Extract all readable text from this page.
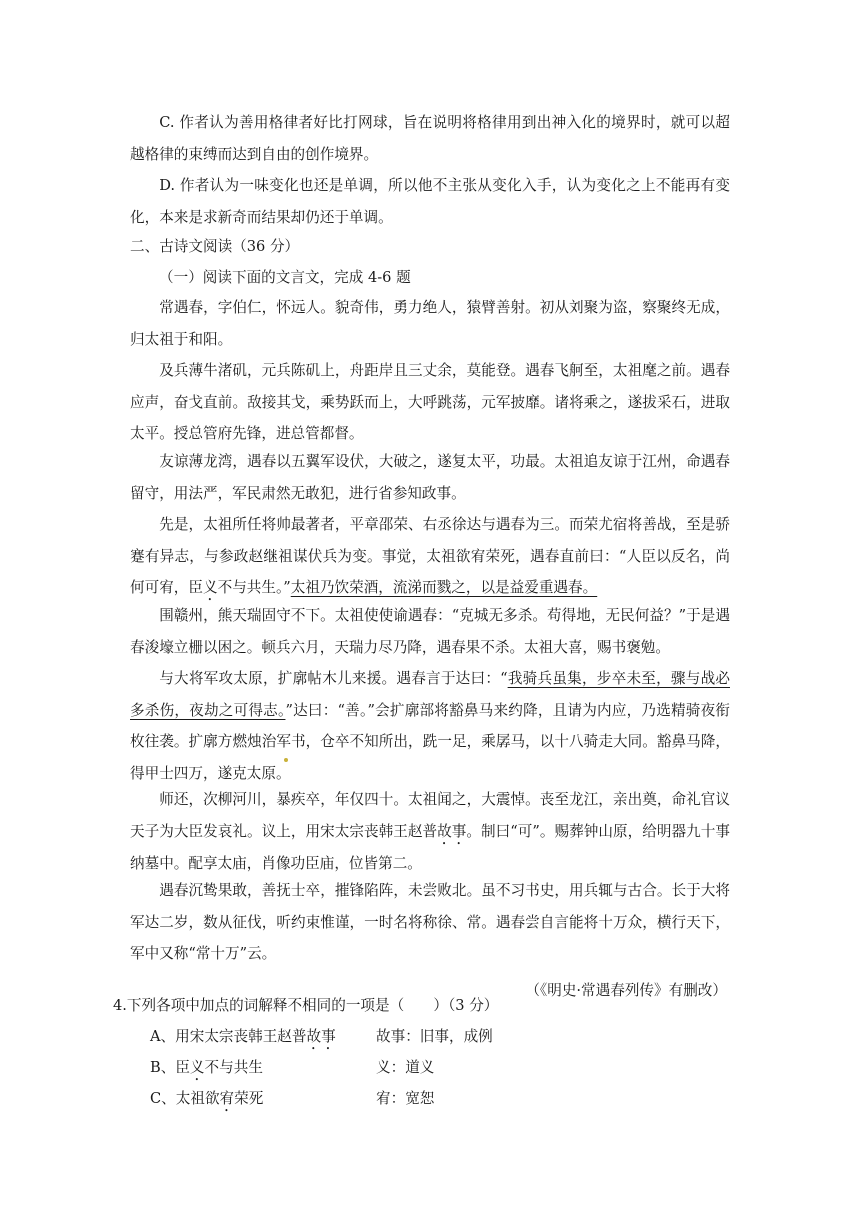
C. 作者认为善用格律者好比打网球，旨在说明将格律用到出神入化的境界时，就可以超越格律的束缚而达到自由的创作境界。

D. 作者认为一味变化也还是单调，所以他不主张从变化入手，认为变化之上不能再有变化，本来是求新奇而结果却仍还于单调。

二、古诗文阅读（36 分）

（一）阅读下面的文言文，完成 4-6 题

常遇春，字伯仁，怀远人。貌奇伟，勇力绝人，猿臂善射。初从刘聚为盗，察聚终无成，归太祖于和阳。

及兵薄牛渚矶，元兵陈矶上，舟距岸且三丈余，莫能登。遇春飞舸至，太祖麾之前。遇春应声，奋戈直前。敌接其戈，乘势跃而上，大呼跳荡，元军披靡。诸将乘之，遂拔采石，进取太平。授总管府先锋，进总管都督。

友谅薄龙湾，遇春以五翼军设伏，大破之，遂复太平，功最。太祖追友谅于江州，命遇春留守，用法严，军民肃然无敢犯，进行省参知政事。

先是，太祖所任将帅最著者，平章邵荣、右丞徐达与遇春为三。而荣尤宿将善战，至是骄蹇有异志，与参政赵继祖谋伏兵为变。事觉，太祖欲宥荣死，遇春直前曰：“人臣以反名，尚何可宥，臣义不与共生。”太祖乃饮荣酒，流涕而戮之，以是益爱重遇春。

围赣州，熊天瑞固守不下。太祖使使谕遇春：“克城无多杀。苟得地，无民何益？”于是遇春浚壕立栅以困之。顿兵六月，天瑞力尽乃降，遇春果不杀。太祖大喜，赐书褒勉。

与大将军攻太原，扩廓帖木儿来援。遇春言于达曰：“我骑兵虽集，步卒未至，骤与战必多杀伤，夜劫之可得志。”达曰：“善。”会扩廓部将豁鼻马来约降，且请为内应，乃选精骑夜衔枚往袭。扩廓方燃烛治军书，仓卒不知所出，跣一足，乘孱马，以十八骑走大同。豁鼻马降，得甲士四万，遂克太原。

师还，次柳河川，暴疾卒，年仅四十。太祖闻之，大震悼。丧至龙江，亲出奠，命礼官议天子为大臣发哀礼。议上，用宋太宗丧韩王赵普故事。制曰“可”。赐葬钟山原，给明器九十事纳墓中。配享太庙，肖像功臣庙，位皆第二。

遇春沉鸷果敢，善抚士卒，摧锋陷阵，未尝败北。虽不习书史，用兵辄与古合。长于大将军达二岁，数从征伐，听约束惟谨，一时名将称徐、常。遇春尝自言能将十万众，横行天下，军中又称“常十万”云。

（《明史·常遇春列传》有删改）

4.下列各项中加点的词解释不相同的一项是（　　）（3 分）

A、用宋太宗丧韩王赵普故事	故事：旧事，成例

B、臣义不与共生	义：道义

C、太祖欲宥荣死	宥：宽恕
